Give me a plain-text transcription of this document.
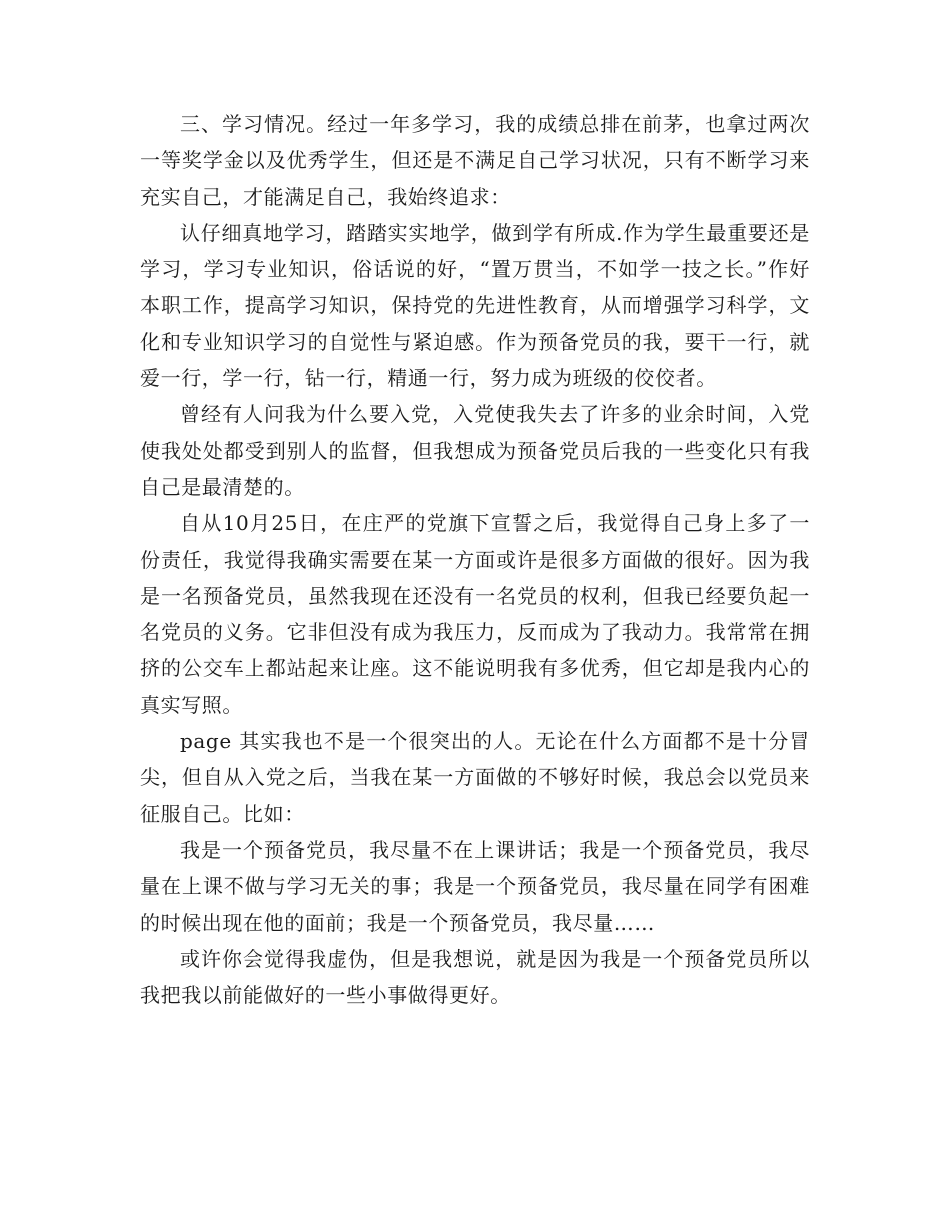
三、学习情况。经过一年多学习，我的成绩总排在前茅，也拿过两次一等奖学金以及优秀学生，但还是不满足自己学习状况，只有不断学习来充实自己，才能满足自己，我始终追求：

认仔细真地学习，踏踏实实地学，做到学有所成.作为学生最重要还是学习，学习专业知识，俗话说的好，“置万贯当，不如学一技之长。”作好本职工作，提高学习知识，保持党的先进性教育，从而增强学习科学，文化和专业知识学习的自觉性与紧迫感。作为预备党员的我，要干一行，就爱一行，学一行，钻一行，精通一行，努力成为班级的佼佼者。

曾经有人问我为什么要入党，入党使我失去了许多的业余时间，入党使我处处都受到别人的监督，但我想成为预备党员后我的一些变化只有我自己是最清楚的。

自从10月25日，在庄严的党旗下宣誓之后，我觉得自己身上多了一份责任，我觉得我确实需要在某一方面或许是很多方面做的很好。因为我是一名预备党员，虽然我现在还没有一名党员的权利，但我已经要负起一名党员的义务。它非但没有成为我压力，反而成为了我动力。我常常在拥挤的公交车上都站起来让座。这不能说明我有多优秀，但它却是我内心的真实写照。

page 其实我也不是一个很突出的人。无论在什么方面都不是十分冒尖，但自从入党之后，当我在某一方面做的不够好时候，我总会以党员来征服自己。比如：

我是一个预备党员，我尽量不在上课讲话；我是一个预备党员，我尽量在上课不做与学习无关的事；我是一个预备党员，我尽量在同学有困难的时候出现在他的面前；我是一个预备党员，我尽量……

或许你会觉得我虚伪，但是我想说，就是因为我是一个预备党员所以我把我以前能做好的一些小事做得更好。
